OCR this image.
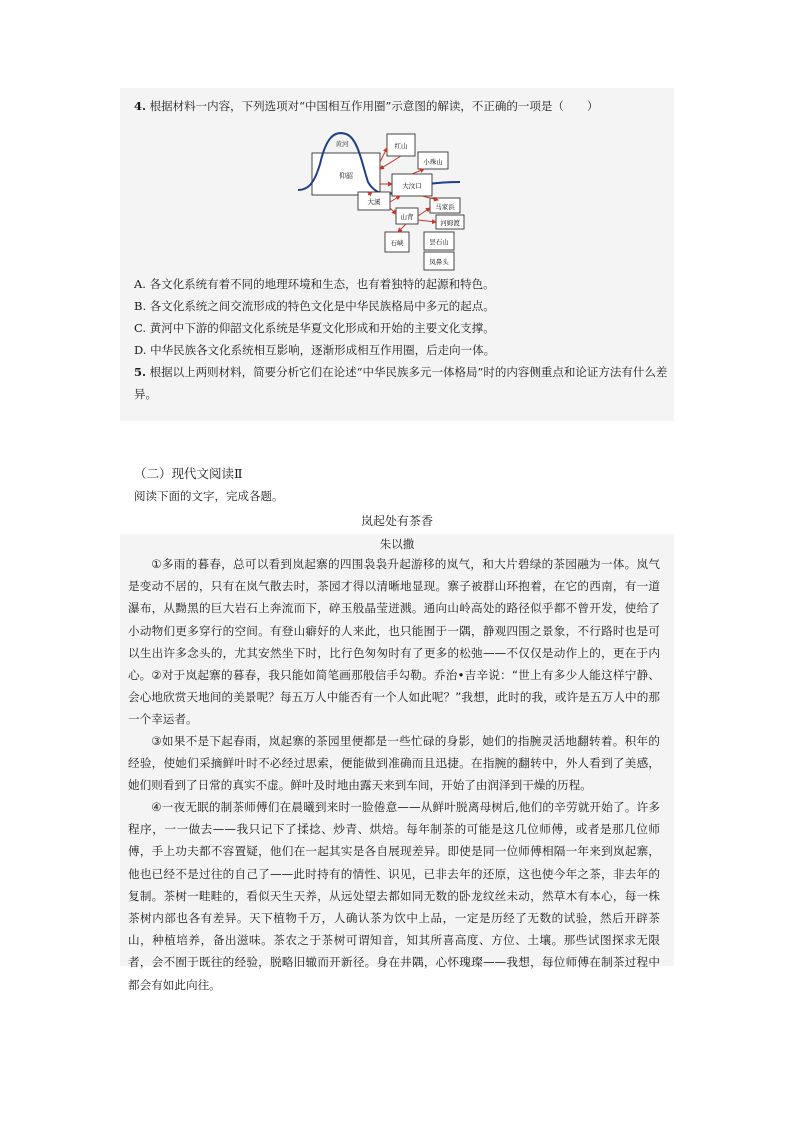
4. 根据材料一内容，下列选项对“中国相互作用圈”示意图的解读，不正确的一项是（　　）
黄河
仰韶
红山
小珠山
大汶口
大溪
马家浜
山背
河姆渡
石峡	昙石山
凤鼻头
A. 各文化系统有着不同的地理环境和生态，也有着独特的起源和特色。
B. 各文化系统之间交流形成的特色文化是中华民族格局中多元的起点。
C. 黄河中下游的仰韶文化系统是华夏文化形成和开始的主要文化支撑。
D. 中华民族各文化系统相互影响，逐渐形成相互作用圈，后走向一体。
5. 根据以上两则材料，简要分析它们在论述“中华民族多元一体格局”时的内容侧重点和论证方法有什么差
异。
（二）现代文阅读Ⅱ
阅读下面的文字，完成各题。
岚起处有茶香
朱以撒
①多雨的暮春，总可以看到岚起寨的四围袅袅升起游移的岚气，和大片碧绿的茶园融为一体。岚气是变动不居的，只有在岚气散去时，茶园才得以清晰地显现。寨子被群山环抱着，在它的西南，有一道瀑布，从黝黑的巨大岩石上奔流而下，碎玉般晶莹迸溅。通向山岭高处的路径似乎都不曾开发，使给了小动物们更多穿行的空间。有登山癖好的人来此，也只能囿于一隅，静观四围之景象，不行路时也是可以生出许多念头的，尤其安然坐下时，比行色匆匆时有了更多的松弛——不仅仅是动作上的，更在于内心。 ②对于岚起寨的暮春，我只能如简笔画那般信手勾勒。乔治•吉辛说：“世上有多少人能这样宁静、会心地欣赏天地间的美景呢？每五万人中能否有一个人如此呢？”我想，此时的我，或许是五万人中的那一个幸运者。
③如果不是下起春雨，岚起寨的茶园里便都是一些忙碌的身影，她们的指腕灵活地翻转着。积年的经验，使她们采摘鲜叶时不必经过思索，便能做到准确而且迅捷。在指腕的翻转中，外人看到了美感，她们则看到了日常的真实不虚。鲜叶及时地由露天来到车间，开始了由润泽到干燥的历程。
④一夜无眠的制茶师傅们在晨曦到来时一脸倦意——从鲜叶脱离母树后,他们的辛劳就开始了。许多程序，一一做去——我只记下了揉捻、炒青、烘焙。每年制茶的可能是这几位师傅，或者是那几位师傅，手上功夫都不容置疑，他们在一起其实是各自展现差异。即使是同一位师傅相隔一年来到岚起寨，他也已经不是过往的自己了——此时持有的情性、识见，已非去年的还原，这也使今年之茶，非去年的复制。茶树一畦畦的，看似天生天养，从远处望去都如同无数的卧龙纹丝未动，然草木有本心，每一株茶树内部也各有差异。天下植物千万，人确认茶为饮中上品，一定是历经了无数的试验，然后开辟茶山，种植培养，备出滋味。茶农之于茶树可谓知音，知其所喜高度、方位、土壤。那些试图探求无限者，会不囿于既往的经验，脱略旧辙而开新径。身在井隅，心怀瑰璨——我想，每位师傅在制茶过程中都会有如此向往。
